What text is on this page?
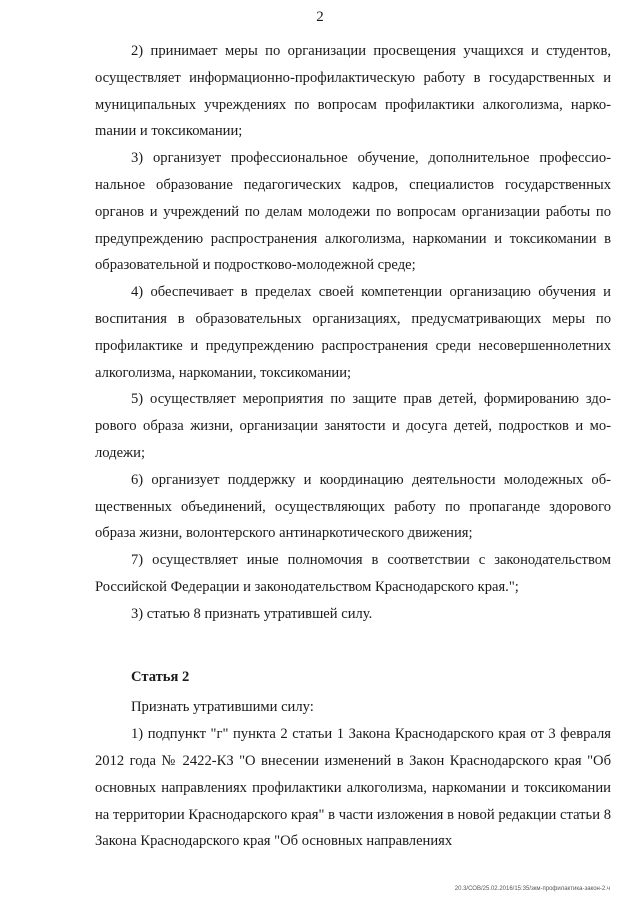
2

2) принимает меры по организации просвещения учащихся и студентов, осуществляет информационно-профилактическую работу в государственных и муниципальных учреждениях по вопросам профилактики алкоголизма, наркоmании и токсикомании;

3) организует профессиональное обучение, дополнительное профессиональное образование педагогических кадров, специалистов государственных органов и учреждений по делам молодежи по вопросам организации работы по предупреждению распространения алкоголизма, наркомании и токсикомании в образовательной и подростково-молодежной среде;

4) обеспечивает в пределах своей компетенции организацию обучения и воспитания в образовательных организациях, предусматривающих меры по профилактике и предупреждению распространения среди несовершеннолетних алкоголизма, наркомании, токсикомании;

5) осуществляет мероприятия по защите прав детей, формированию здорового образа жизни, организации занятости и досуга детей, подростков и молодежи;

6) организует поддержку и координацию деятельности молодежных общественных объединений, осуществляющих работу по пропаганде здорового образа жизни, волонтерского антинаркотического движения;

7) осуществляет иные полномочия в соответствии с законодательством Российской Федерации и законодательством Краснодарского края.";

3) статью 8 признать утратившей силу.

Статья 2

Признать утратившими силу:

1) подпункт "г" пункта 2 статьи 1 Закона Краснодарского края от 3 февраля 2012 года № 2422-КЗ "О внесении изменений в Закон Краснодарского края "Об основных направлениях профилактики алкоголизма, наркомании и токсикомании на территории Краснодарского края" в части изложения в новой редакции статьи 8 Закона Краснодарского края "Об основных направлениях

20.3/СОВ/25.02.2016/15:35/зкм-профилактика-закон-2.ч
